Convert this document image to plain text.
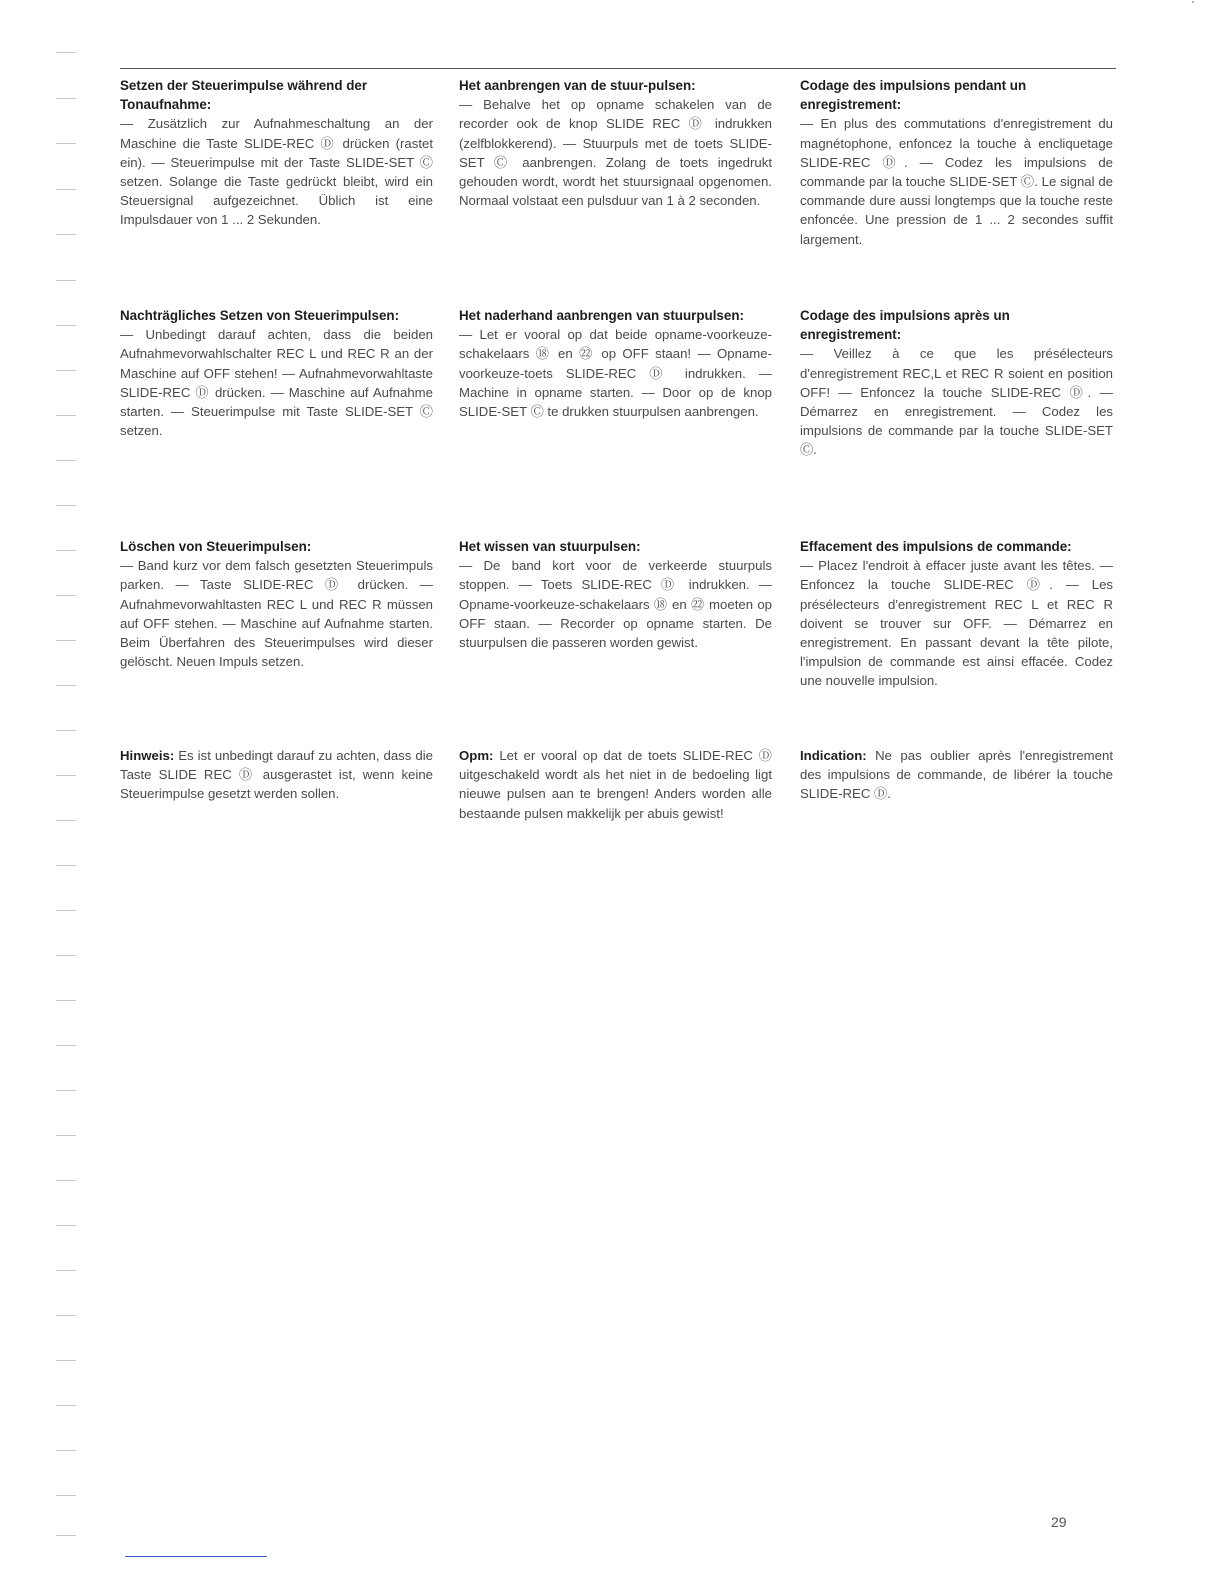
'

Setzen der Steuerimpulse während der Tonaufnahme:

— Zusätzlich zur Aufnahmeschaltung an der Maschine die Taste SLIDE-REC Ⓓ drücken (rastet ein). — Steuerimpulse mit der Taste SLIDE-SET Ⓒ setzen. Solange die Taste gedrückt bleibt, wird ein Steuersignal aufgezeichnet. Üblich ist eine Impulsdauer von 1 ... 2 Sekunden.

Het aanbrengen van de stuur-pulsen:

— Behalve het op opname schakelen van de recorder ook de knop SLIDE REC Ⓓ indrukken (zelfblokkerend). — Stuurpuls met de toets SLIDE-SET Ⓒ aanbrengen. Zolang de toets ingedrukt gehouden wordt, wordt het stuursignaal opgenomen. Normaal volstaat een pulsduur van 1 à 2 seconden.

Codage des impulsions pendant un enregistrement:

— En plus des commutations d'enregistrement du magnétophone, enfoncez la touche à encliquetage SLIDE-REC Ⓓ. — Codez les impulsions de commande par la touche SLIDE-SET Ⓒ. Le signal de commande dure aussi longtemps que la touche reste enfoncée. Une pression de 1 ... 2 secondes suffit largement.

Nachträgliches Setzen von Steuerimpulsen:

— Unbedingt darauf achten, dass die beiden Aufnahmevorwahlschalter REC L und REC R an der Maschine auf OFF stehen! — Aufnahmevorwahltaste SLIDE-REC Ⓓ drücken. — Maschine auf Aufnahme starten. — Steuerimpulse mit Taste SLIDE-SET Ⓒ setzen.

Het naderhand aanbrengen van stuurpulsen:

— Let er vooral op dat beide opname-voorkeuze-schakelaars ⑱ en ㉒ op OFF staan! — Opname-voorkeuze-toets SLIDE-REC Ⓓ indrukken. — Machine in opname starten. — Door op de knop SLIDE-SET Ⓒ te drukken stuurpulsen aanbrengen.

Codage des impulsions après un enregistrement:

— Veillez à ce que les présélecteurs d'enregistrement REC,L et REC R soient en position OFF! — Enfoncez la touche SLIDE-REC Ⓓ. — Démarrez en enregistrement. — Codez les impulsions de commande par la touche SLIDE-SET Ⓒ.

Löschen von Steuerimpulsen:

— Band kurz vor dem falsch gesetzten Steuerimpuls parken. — Taste SLIDE-REC Ⓓ drücken. — Aufnahmevorwahltasten REC L und REC R müssen auf OFF stehen. — Maschine auf Aufnahme starten. Beim Überfahren des Steuerimpulses wird dieser gelöscht. Neuen Impuls setzen.

Het wissen van stuurpulsen:

— De band kort voor de verkeerde stuurpuls stoppen. — Toets SLIDE-REC Ⓓ indrukken. — Opname-voorkeuze-schakelaars ⑱ en ㉒ moeten op OFF staan. — Recorder op opname starten. De stuurpulsen die passeren worden gewist.

Effacement des impulsions de commande:

— Placez l'endroit à effacer juste avant les têtes. — Enfoncez la touche SLIDE-REC Ⓓ. — Les présélecteurs d'enregistrement REC L et REC R doivent se trouver sur OFF. — Démarrez en enregistrement. En passant devant la tête pilote, l'impulsion de commande est ainsi effacée. Codez une nouvelle impulsion.

Hinweis: Es ist unbedingt darauf zu achten, dass die Taste SLIDE REC Ⓓ ausgerastet ist, wenn keine Steuerimpulse gesetzt werden sollen.

Opm: Let er vooral op dat de toets SLIDE-REC Ⓓ uitgeschakeld wordt als het niet in de bedoeling ligt nieuwe pulsen aan te brengen! Anders worden alle bestaande pulsen makkelijk per abuis gewist!

Indication: Ne pas oublier après l'enregistrement des impulsions de commande, de libérer la touche SLIDE-REC Ⓓ.

29
